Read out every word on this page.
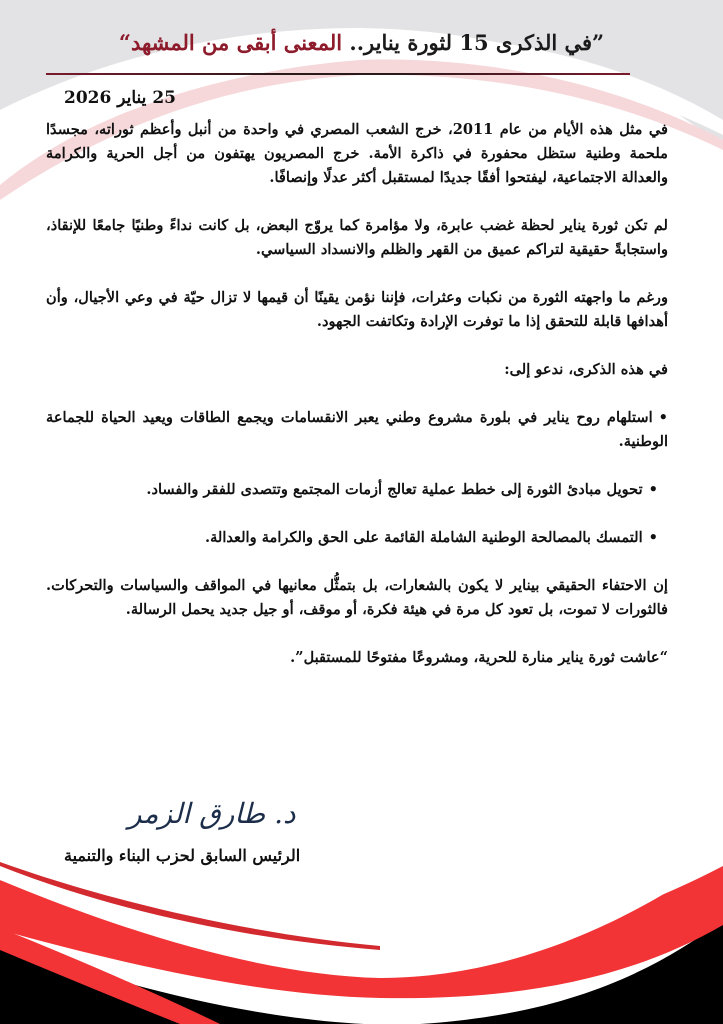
”في الذكرى 15 لثورة يناير.. المعنى أبقى من المشهد“
25 يناير 2026

في مثل هذه الأيام من عام 2011، خرج الشعب المصري في واحدة من أنبل وأعظم ثوراته، مجسدًا ملحمة وطنية ستظل محفورة في ذاكرة الأمة. خرج المصريون يهتفون من أجل الحرية والكرامة والعدالة الاجتماعية، ليفتحوا أفقًا جديدًا لمستقبل أكثر عدلًا وإنصافًا.

لم تكن ثورة يناير لحظة غضب عابرة، ولا مؤامرة كما يروّج البعض، بل كانت نداءً وطنيًا جامعًا للإنقاذ، واستجابةً حقيقية لتراكم عميق من القهر والظلم والانسداد السياسي.

ورغم ما واجهته الثورة من نكبات وعثرات، فإننا نؤمن يقينًا أن قيمها لا تزال حيّة في وعي الأجيال، وأن أهدافها قابلة للتحقق إذا ما توفرت الإرادة وتكاتفت الجهود.

في هذه الذكرى، ندعو إلى:

•استلهام روح يناير في بلورة مشروع وطني يعبر الانقسامات ويجمع الطاقات ويعيد الحياة للجماعة الوطنية.
•تحويل مبادئ الثورة إلى خطط عملية تعالج أزمات المجتمع وتتصدى للفقر والفساد.
•التمسك بالمصالحة الوطنية الشاملة القائمة على الحق والكرامة والعدالة.

إن الاحتفاء الحقيقي بيناير لا يكون بالشعارات، بل بتمثُّل معانيها في المواقف والسياسات والتحركات. فالثورات لا تموت، بل تعود كل مرة في هيئة فكرة، أو موقف، أو جيل جديد يحمل الرسالة.

“عاشت ثورة يناير منارة للحرية، ومشروعًا مفتوحًا للمستقبل”.

د. طارق الزمر
الرئيس السابق لحزب البناء والتنمية
